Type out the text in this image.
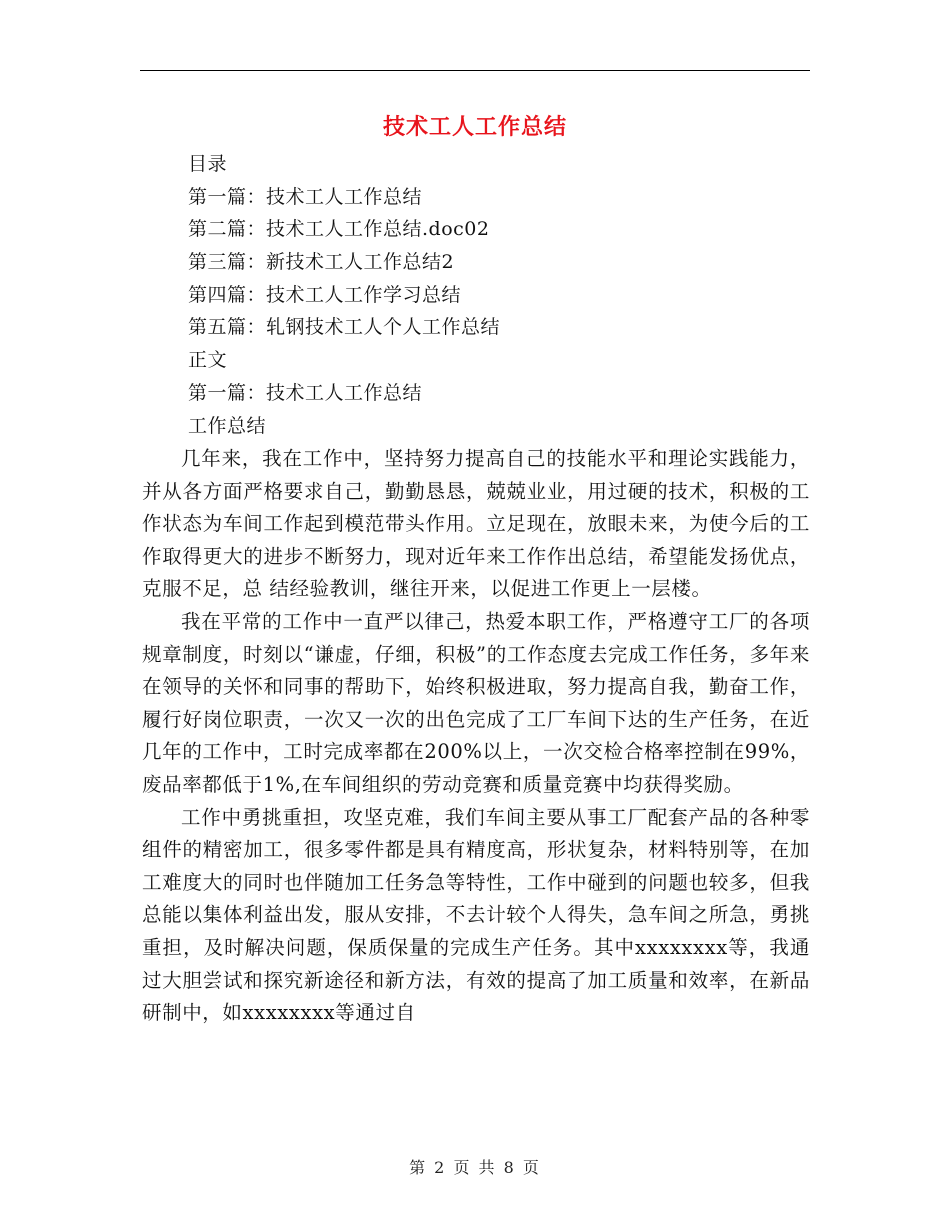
技术工人工作总结
目录
第一篇：技术工人工作总结
第二篇：技术工人工作总结.doc02
第三篇：新技术工人工作总结2
第四篇：技术工人工作学习总结
第五篇：轧钢技术工人个人工作总结
正文
第一篇：技术工人工作总结
工作总结

几年来，我在工作中，坚持努力提高自己的技能水平和理论实践能力，并从各方面严格要求自己，勤勤恳恳，兢兢业业，用过硬的技术，积极的工作状态为车间工作起到模范带头作用。立足现在，放眼未来，为使今后的工作取得更大的进步不断努力，现对近年来工作作出总结，希望能发扬优点，克服不足，总 结经验教训，继往开来，以促进工作更上一层楼。

我在平常的工作中一直严以律己，热爱本职工作，严格遵守工厂的各项规章制度，时刻以“谦虚，仔细，积极”的工作态度去完成工作任务，多年来在领导的关怀和同事的帮助下，始终积极进取，努力提高自我，勤奋工作，履行好岗位职责，一次又一次的出色完成了工厂车间下达的生产任务，在近几年的工作中，工时完成率都在200%以上，一次交检合格率控制在99%，废品率都低于1%,在车间组织的劳动竞赛和质量竞赛中均获得奖励。

工作中勇挑重担，攻坚克难，我们车间主要从事工厂配套产品的各种零组件的精密加工，很多零件都是具有精度高，形状复杂，材料特别等，在加工难度大的同时也伴随加工任务急等特性，工作中碰到的问题也较多，但我总能以集体利益出发，服从安排，不去计较个人得失，急车间之所急，勇挑重担，及时解决问题，保质保量的完成生产任务。其中xxxxxxxx等，我通过大胆尝试和探究新途径和新方法，有效的提高了加工质量和效率，在新品研制中，如xxxxxxxx等通过自

第 2 页 共 8 页
